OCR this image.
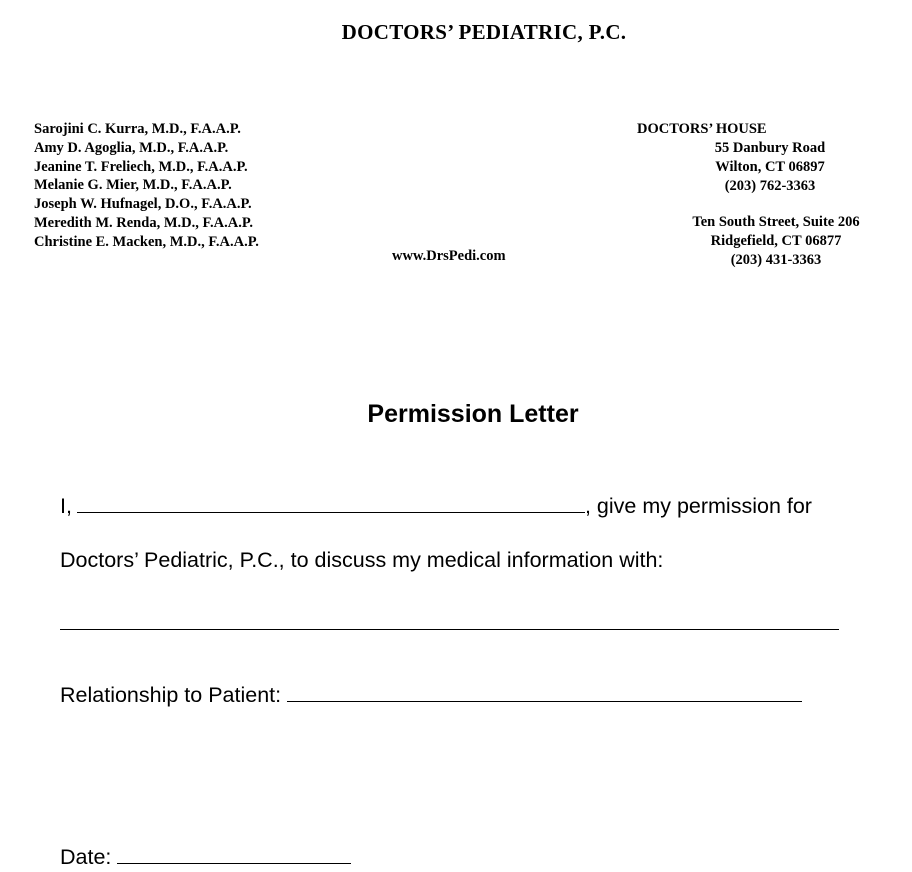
DOCTORS’ PEDIATRIC, P.C.
Sarojini C. Kurra, M.D., F.A.A.P.
Amy D. Agoglia, M.D., F.A.A.P.
Jeanine T. Freliech, M.D., F.A.A.P.
Melanie G. Mier, M.D., F.A.A.P.
Joseph W. Hufnagel, D.O., F.A.A.P.
Meredith M. Renda, M.D., F.A.A.P.
Christine E. Macken, M.D., F.A.A.P.
www.DrsPedi.com
DOCTORS’ HOUSE
55 Danbury Road
Wilton, CT 06897
(203) 762-3363
Ten South Street, Suite 206
Ridgefield, CT 06877
(203) 431-3363
Permission Letter
I,	, give my permission for
Doctors’ Pediatric, P.C., to discuss my medical information with:
Relationship to Patient:
Date:
